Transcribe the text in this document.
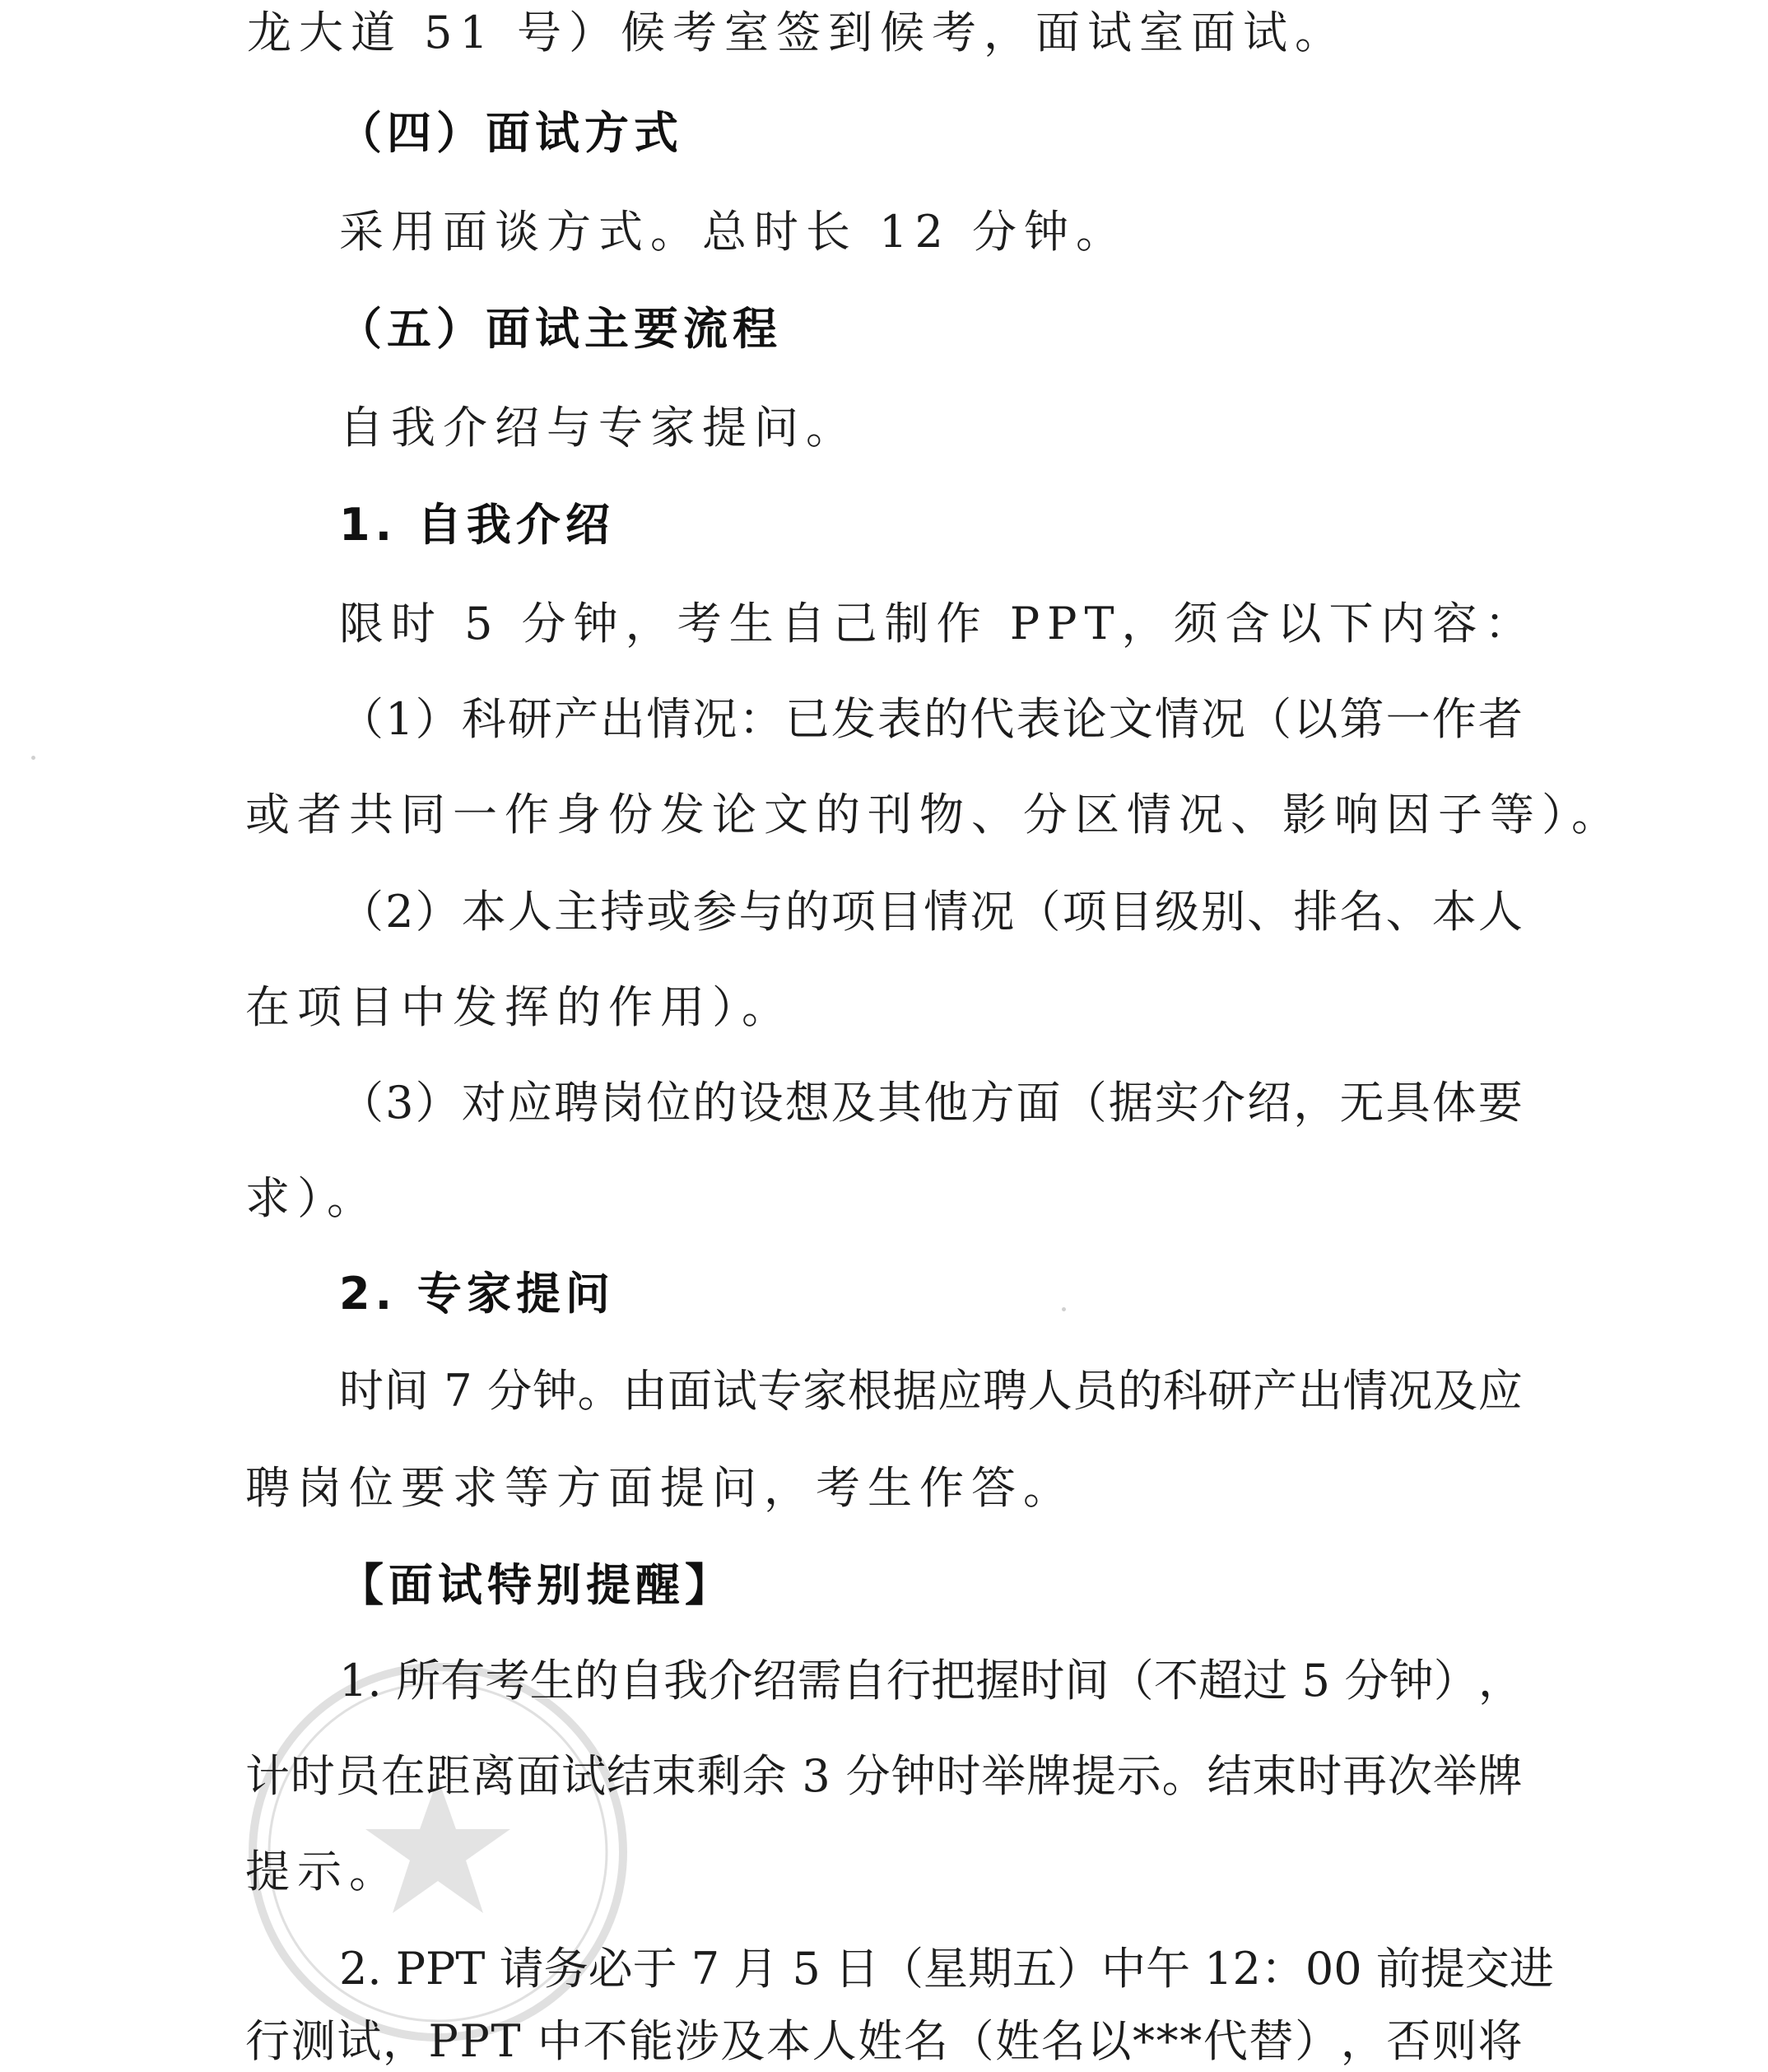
龙大道 51 号）候考室签到候考，面试室面试。
（四）面试方式
采用面谈方式。总时长 12 分钟。
（五）面试主要流程
自我介绍与专家提问。
1. 自我介绍
限时 5 分钟，考生自己制作 PPT，须含以下内容：
（ 1 ） 科 研 产 出 情 况 ： 已 发 表 的 代 表 论 文 情 况 （ 以 第 一 作 者
或者共同一作身份发论文的刊物、分区情况、影响因子等）。
（ 2 ） 本 人 主 持 或 参 与 的 项 目 情 况 （ 项 目 级 别 、 排 名 、 本 人
在项目中发挥的作用）。
（ 3 ） 对 应 聘 岗 位 的 设 想 及 其 他 方 面 （ 据 实 介 绍 ， 无 具 体 要
求）。
2. 专家提问
时 间
7
分 钟 。 由 面 试 专 家 根 据 应 聘 人 员 的 科 研 产 出 情 况 及 应
聘岗位要求等方面提问，考生作答。
【面试特别提醒】
1 .
所 有 考 生 的 自 我 介 绍 需 自 行 把 握 时 间 （ 不 超 过
5
分 钟 ） ，
计 时 员 在 距 离 面 试 结 束 剩 余
3
分 钟 时 举 牌 提 示 。 结 束 时 再 次 举 牌
提示。
2 .
P P T
请 务 必 于
7
月
5
日 （ 星 期 五 ） 中 午
1 2 ： 0 0
前 提 交 进
行 测 试 ， P P T
中 不 能 涉 及 本 人 姓 名 （ 姓 名 以 * * * 代 替 ） ， 否 则 将
